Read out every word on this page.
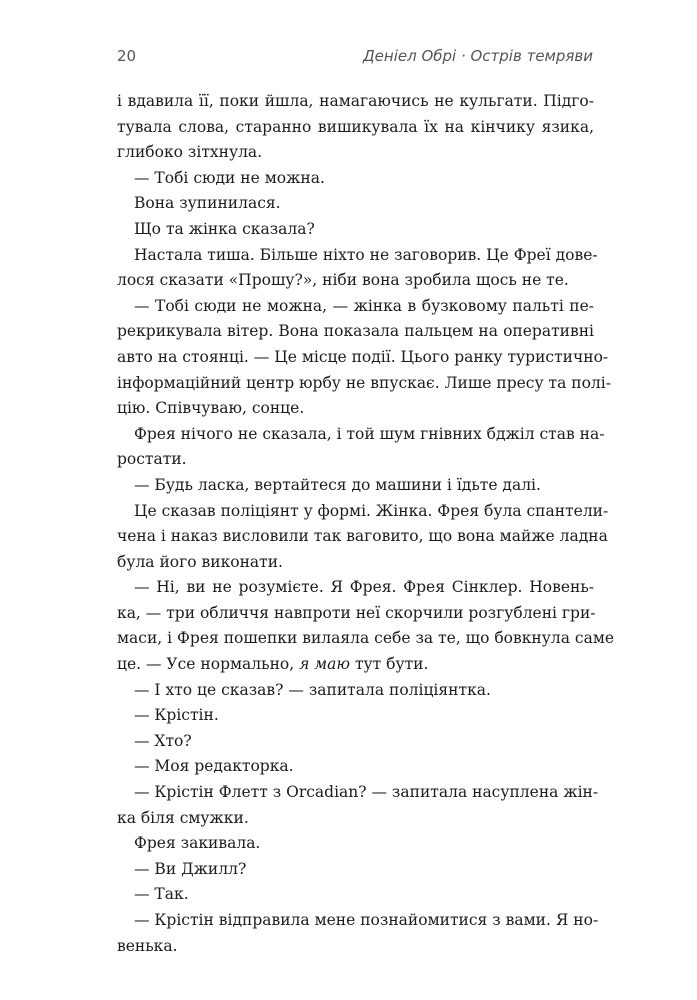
20	Деніел Обрі · Острів темряви
і вдавила її, поки йшла, намагаючись не кульгати. Підго-
тувала слова, старанно вишикувала їх на кінчику язика,
глибоко зітхнула.
— Тобі сюди не можна.
Вона зупинилася.
Що та жінка сказала?
Настала тиша. Більше ніхто не заговорив. Це Фреї дове-
лося сказати «Прошу?», ніби вона зробила щось не те.
— Тобі сюди не можна, — жінка в бузковому пальті пе-
рекрикувала вітер. Вона показала пальцем на оперативні
авто на стоянці. — Це місце події. Цього ранку туристично-
інформаційний центр юрбу не впускає. Лише пресу та полі-
цію. Співчуваю, сонце.
Фрея нічого не сказала, і той шум гнівних бджіл став на-
ростати.
— Будь ласка, вертайтеся до машини і їдьте далі.
Це сказав поліціянт у формі. Жінка. Фрея була спантели-
чена і наказ висловили так ваговито, що вона майже ладна
була його виконати.
— Ні, ви не розумієте. Я Фрея. Фрея Сінклер. Новень-
ка, — три обличчя навпроти неї скорчили розгублені гри-
маси, і Фрея пошепки вилаяла себе за те, що бовкнула саме
це. — Усе нормально, я маю тут бути.
— І хто це сказав? — запитала поліціянтка.
— Крістін.
— Хто?
— Моя редакторка.
— Крістін Флетт з Orcadian? — запитала насуплена жін-
ка біля смужки.
Фрея закивала.
— Ви Джилл?
— Так.
— Крістін відправила мене познайомитися з вами. Я но-
венька.
